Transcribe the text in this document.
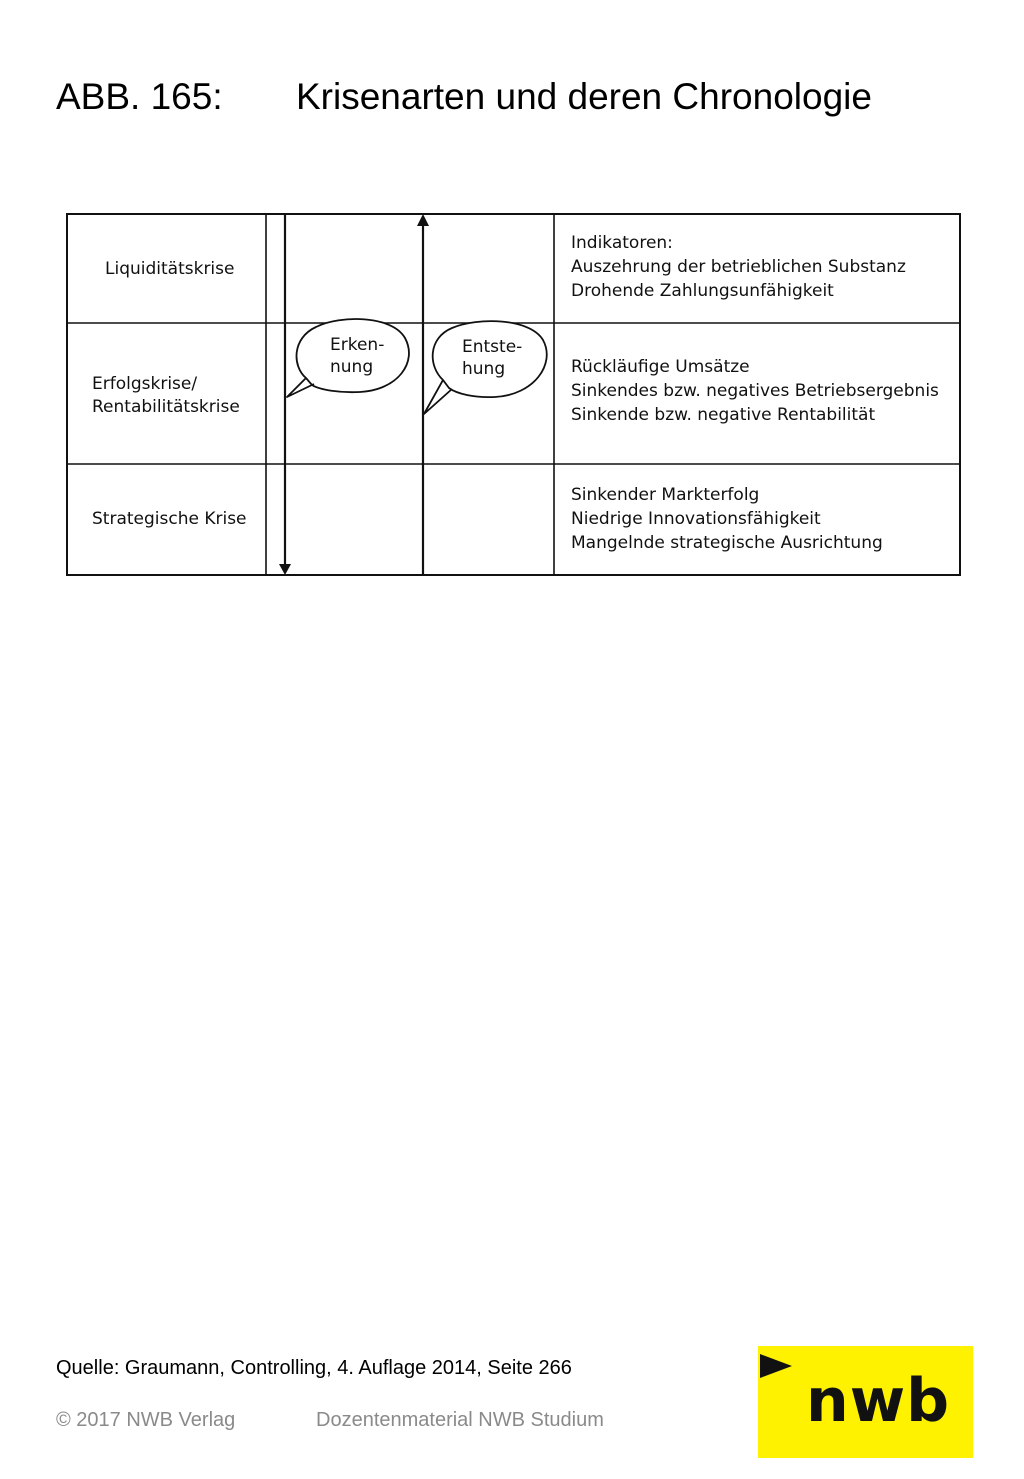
ABB. 165: Krisenarten und deren Chronologie
Liquiditätskrise
Erfolgskrise/
Rentabilitätskrise
Strategische Krise
Erken-
nung
Entste-
hung
Indikatoren:
Auszehrung der betrieblichen Substanz
Drohende Zahlungsunfähigkeit
Rückläufige Umsätze
Sinkendes bzw. negatives Betriebsergebnis
Sinkende bzw. negative Rentabilität
Sinkender Markterfolg
Niedrige Innovationsfähigkeit
Mangelnde strategische Ausrichtung
Quelle: Graumann, Controlling, 4. Auflage 2014, Seite 266
© 2017 NWB Verlag	Dozentenmaterial NWB Studium	nwb
